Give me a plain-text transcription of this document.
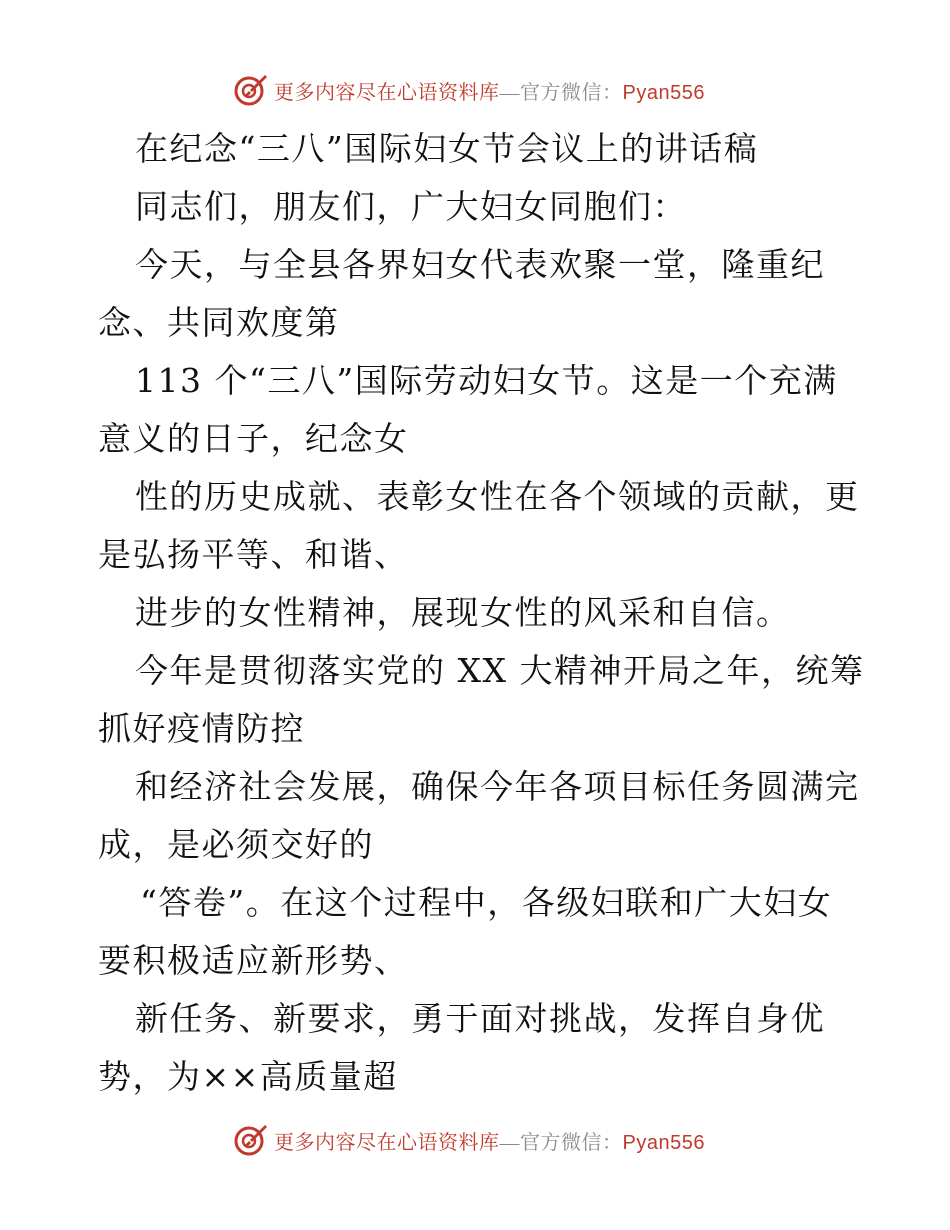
更多内容尽在心语资料库—官方微信：Pyan556
在纪念“三八”国际妇女节会议上的讲话稿
同志们，朋友们，广大妇女同胞们：
今天，与全县各界妇女代表欢聚一堂，隆重纪
念、共同欢度第
113 个“三八”国际劳动妇女节。这是一个充满
意义的日子，纪念女
性的历史成就、表彰女性在各个领域的贡献，更
是弘扬平等、和谐、
进步的女性精神，展现女性的风采和自信。
今年是贯彻落实党的 XX 大精神开局之年，统筹
抓好疫情防控
和经济社会发展，确保今年各项目标任务圆满完
成，是必须交好的
“答卷”。在这个过程中，各级妇联和广大妇女
要积极适应新形势、
新任务、新要求，勇于面对挑战，发挥自身优
势，为××高质量超
更多内容尽在心语资料库—官方微信：Pyan556
